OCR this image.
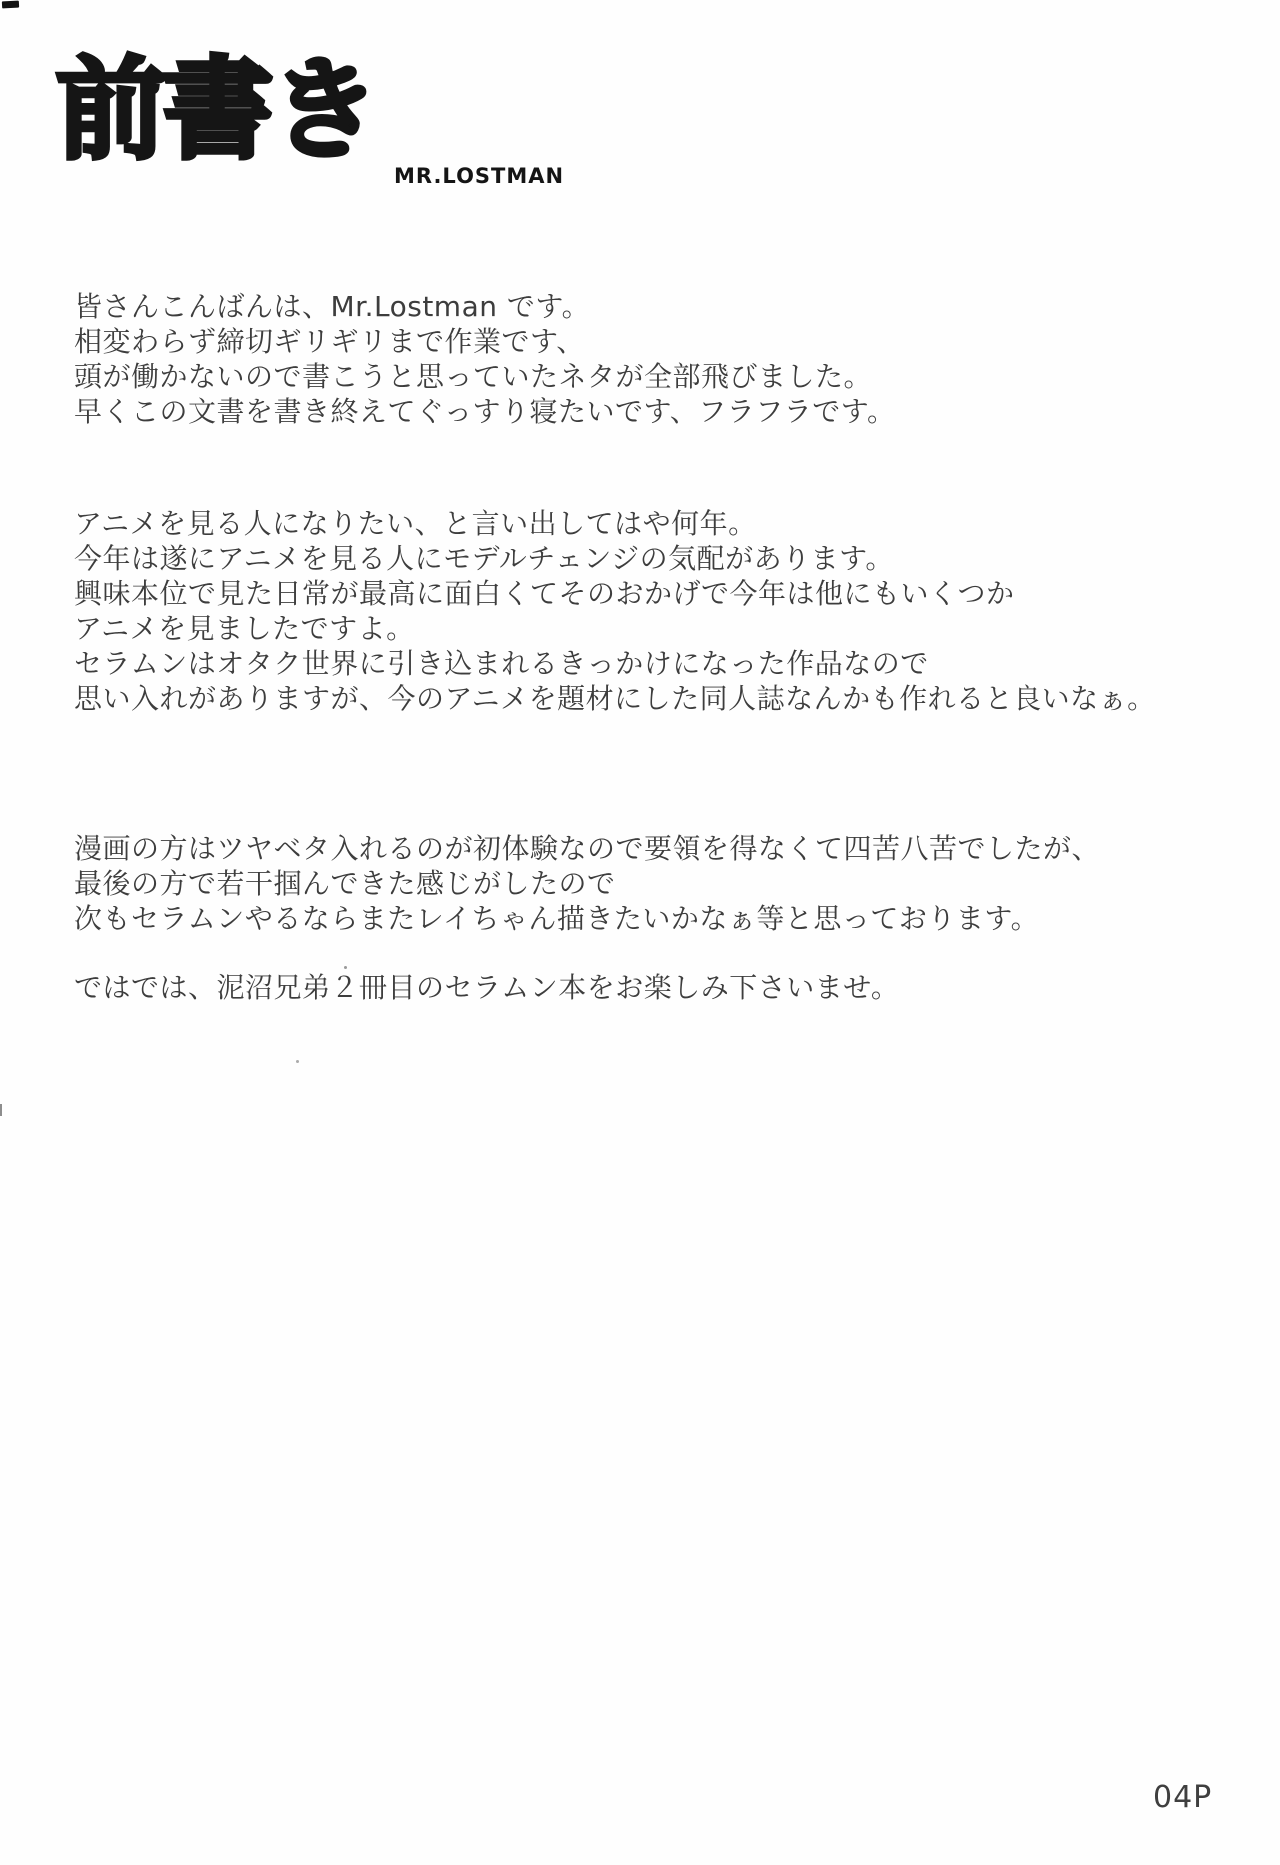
前書き
MR.LOSTMAN
皆さんこんばんは、Mr.Lostman です。
相変わらず締切ギリギリまで作業です、
頭が働かないので書こうと思っていたネタが全部飛びました。
早くこの文書を書き終えてぐっすり寝たいです、フラフラです。
アニメを見る人になりたい、と言い出してはや何年。
今年は遂にアニメを見る人にモデルチェンジの気配があります。
興味本位で見た日常が最高に面白くてそのおかげで今年は他にもいくつか
アニメを見ましたですよ。
セラムンはオタク世界に引き込まれるきっかけになった作品なので
思い入れがありますが、今のアニメを題材にした同人誌なんかも作れると良いなぁ。
漫画の方はツヤベタ入れるのが初体験なので要領を得なくて四苦八苦でしたが、
最後の方で若干掴んできた感じがしたので
次もセラムンやるならまたレイちゃん描きたいかなぁ等と思っております。
ではでは、泥沼兄弟２冊目のセラムン本をお楽しみ下さいませ。
04P
